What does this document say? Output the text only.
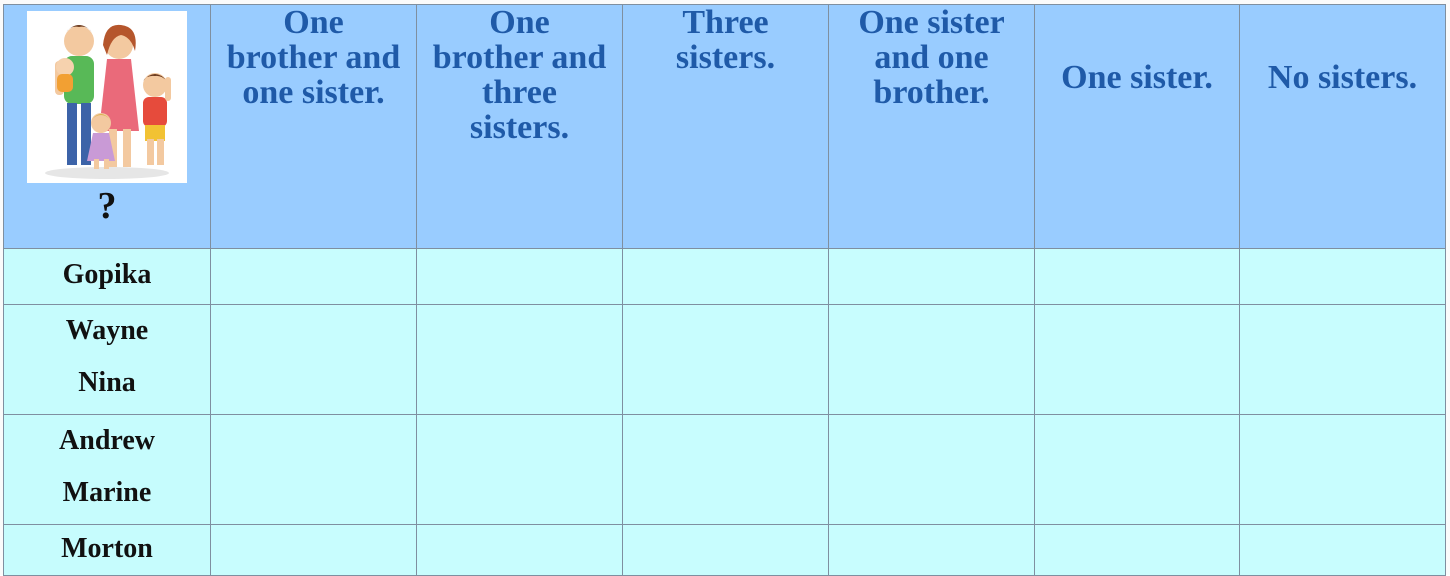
?	One brother and one sister.	One brother and three sisters.	Three sisters.	One sister and one brother.	One sister.	No sisters.

Gopika						

Wayne
Nina						

Andrew
Marine						

Morton						
